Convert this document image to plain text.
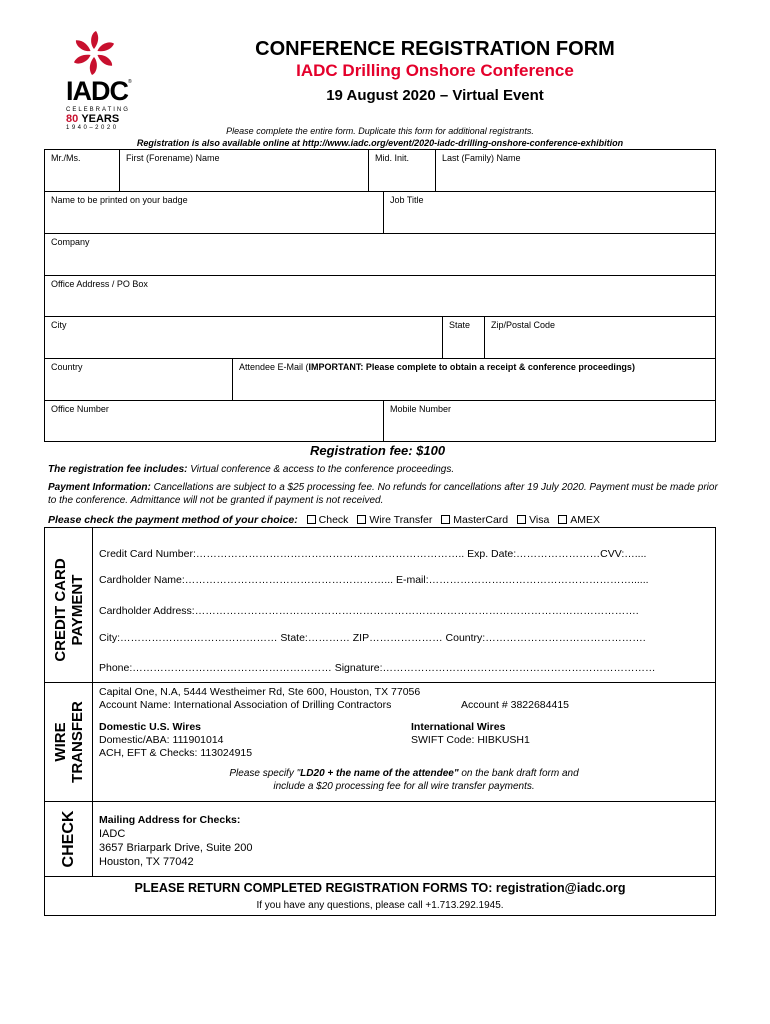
IADC ®
CELEBRATING
80 YEARS
1940–2020
CONFERENCE REGISTRATION FORM
IADC Drilling Onshore Conference
19 August 2020 – Virtual Event
Please complete the entire form. Duplicate this form for additional registrants.
Registration is also available online at http://www.iadc.org/event/2020-iadc-drilling-onshore-conference-exhibition
Mr./Ms.	First (Forename) Name	Mid. Init.	Last (Family) Name
Name to be printed on your badge	Job Title
Company
Office Address / PO Box
City	State	Zip/Postal Code
Country	Attendee E-Mail (IMPORTANT: Please complete to obtain a receipt & conference proceedings)
Office Number	Mobile Number
Registration fee: $100
The registration fee includes: Virtual conference & access to the conference proceedings.
Payment Information: Cancellations are subject to a $25 processing fee. No refunds for cancellations after 19 July 2020. Payment must be made prior to the conference. Admittance will not be granted if payment is not received.
Please check the payment method of your choice: Check Wire Transfer MasterCard Visa AMEX
CREDIT CARD PAYMENT
Credit Card Number:………………………………………………………………….. Exp. Date:……………………CVV:…....
Cardholder Name:…………………………………………………... E-mail:………………….………………………………......
Cardholder Address:……………………………………………………………………………………………………………….
City:……………………………………… State:………… ZIP………………… Country:……………………………………….
Phone:………………………………………………… Signature:……………………………………………………………………
WIRE TRANSFER
Capital One, N.A, 5444 Westheimer Rd, Ste 600, Houston, TX 77056
Account Name: International Association of Drilling Contractors	Account # 3822684415
Domestic U.S. Wires
Domestic/ABA: 111901014
ACH, EFT & Checks: 113024915
International Wires
SWIFT Code: HIBKUSH1
Please specify "LD20 + the name of the attendee" on the bank draft form and
include a $20 processing fee for all wire transfer payments.
CHECK Mailing Address for Checks:
IADC
3657 Briarpark Drive, Suite 200
Houston, TX 77042
PLEASE RETURN COMPLETED REGISTRATION FORMS TO: registration@iadc.org
If you have any questions, please call +1.713.292.1945.
